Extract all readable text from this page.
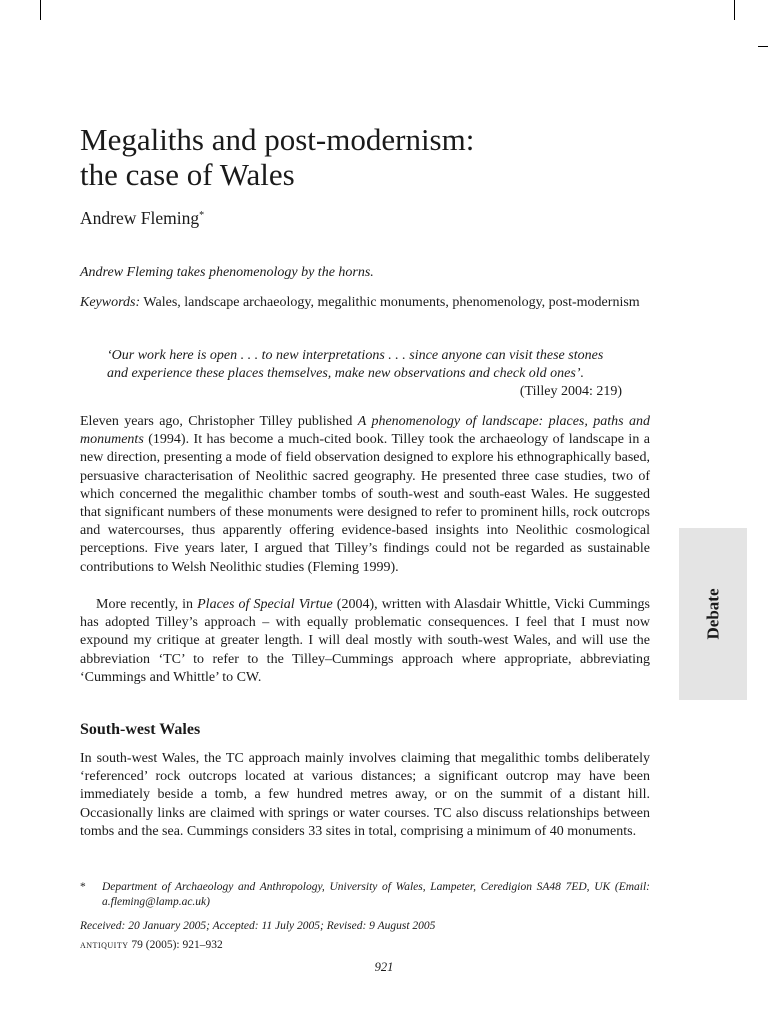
Megaliths and post-modernism:
the case of Wales

Andrew Fleming*

Andrew Fleming takes phenomenology by the horns.

Keywords: Wales, landscape archaeology, megalithic monuments, phenomenology, post-modernism

‘Our work here is open . . . to new interpretations . . . since anyone can visit these stones and experience these places themselves, make new observations and check old ones’.

(Tilley 2004: 219)

Eleven years ago, Christopher Tilley published A phenomenology of landscape: places, paths and monuments (1994). It has become a much-cited book. Tilley took the archaeology of landscape in a new direction, presenting a mode of field observation designed to explore his ethnographically based, persuasive characterisation of Neolithic sacred geography. He presented three case studies, two of which concerned the megalithic chamber tombs of south-west and south-east Wales. He suggested that significant numbers of these monuments were designed to refer to prominent hills, rock outcrops and watercourses, thus apparently offering evidence-based insights into Neolithic cosmological perceptions. Five years later, I argued that Tilley’s findings could not be regarded as sustainable contributions to Welsh Neolithic studies (Fleming 1999).

More recently, in Places of Special Virtue (2004), written with Alasdair Whittle, Vicki Cummings has adopted Tilley’s approach – with equally problematic consequences. I feel that I must now expound my critique at greater length. I will deal mostly with south-west Wales, and will use the abbreviation ‘TC’ to refer to the Tilley–Cummings approach where appropriate, abbreviating ‘Cummings and Whittle’ to CW.

South-west Wales

In south-west Wales, the TC approach mainly involves claiming that megalithic tombs deliberately ‘referenced’ rock outcrops located at various distances; a significant outcrop may have been immediately beside a tomb, a few hundred metres away, or on the summit of a distant hill. Occasionally links are claimed with springs or water courses. TC also discuss relationships between tombs and the sea. Cummings considers 33 sites in total, comprising a minimum of 40 monuments.

* Department of Archaeology and Anthropology, University of Wales, Lampeter, Ceredigion SA48 7ED, UK (Email: a.fleming@lamp.ac.uk)

Received: 20 January 2005; Accepted: 11 July 2005; Revised: 9 August 2005

antiquity 79 (2005): 921–932

921

Debate
